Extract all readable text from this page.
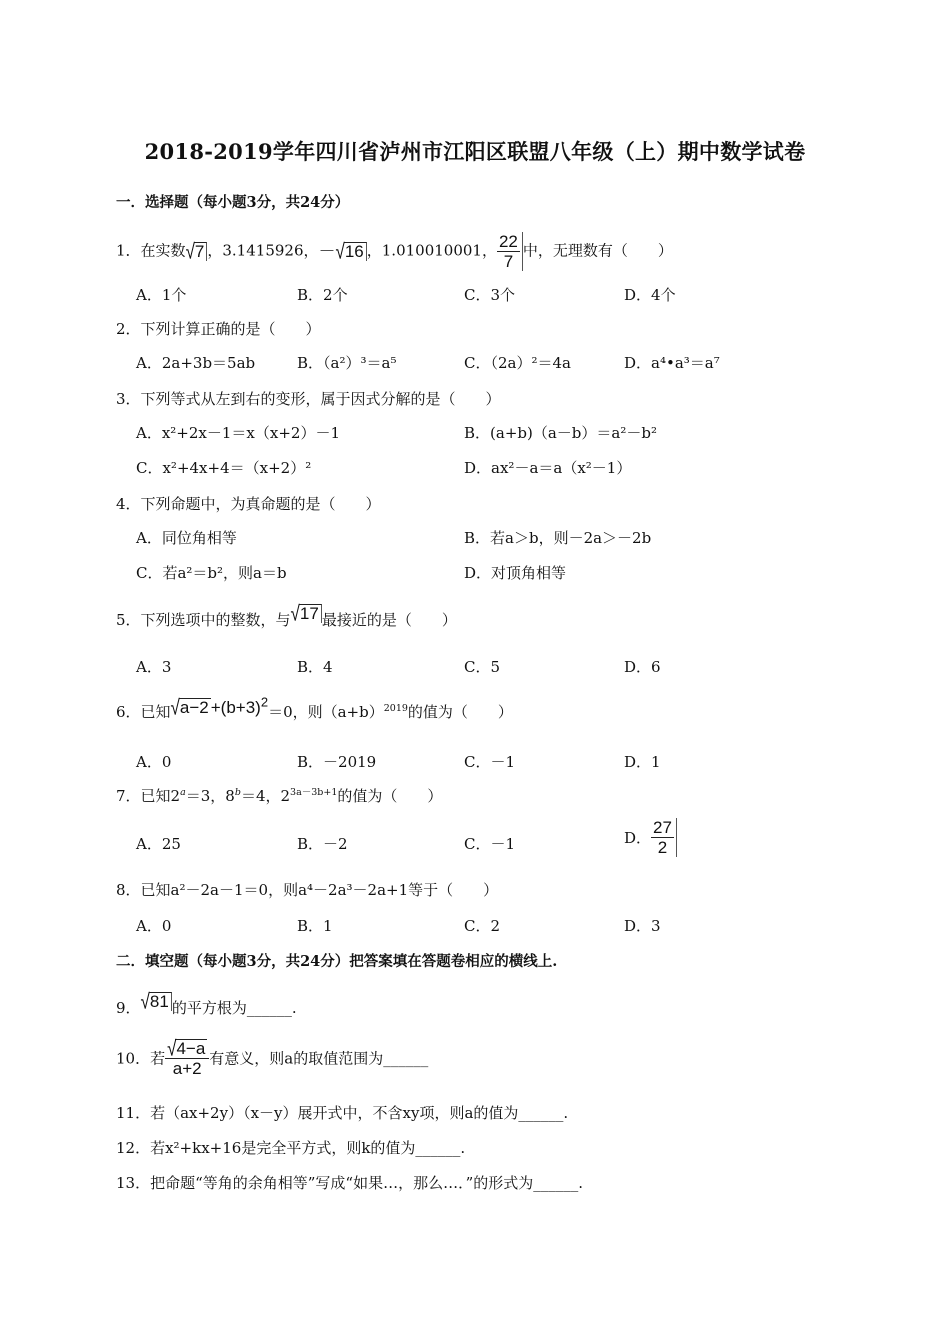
2018-2019学年四川省泸州市江阳区联盟八年级（上）期中数学试卷
一．选择题（每小题3分，共24分）
1．在实数√7 ，3.1415926，－√16 ，1.010010001， $\frac{22}{7}$ 中，无理数有（　　）
A．1个	B．2个	C．3个	D．4个
2．下列计算正确的是（　　）
A．2a+3b＝5ab	B．（a²）³＝a⁵	C．（2a）²＝4a	D．a⁴•a³＝a⁷
3．下列等式从左到右的变形，属于因式分解的是（　　）
A．x²+2x－1＝x（x+2）－1	B．(a+b)（a－b）＝a²－b²
C．x²+4x+4＝（x+2）²	D．ax²－a＝a（x²－1）
4．下列命题中，为真命题的是（　　）
A．同位角相等	B．若a＞b，则－2a＞－2b
C．若a²＝b²，则a＝b	D．对顶角相等
5．下列选项中的整数，与√17 最接近的是（　　）
A．3	B．4	C．5	D．6
6．已知$√a-2 +(b+3)^2=0$，则$(a+b)^{2019}$的值为（　　）
A．0	B．－2019	C．－1	D．1
7．已知$2^a=3$，$8^b=4$，$2^{3a-3b+1}$的值为（　　）
A．25	B．－2	C．－1	D． $\frac{27}{2}$
8．已知a²－2a－1＝0，则a⁴－2a³－2a+1等于（　　）
A．0	B．1	C．2	D．3
二．填空题（每小题3分，共24分）把答案填在答题卷相应的横线上.
9．√81 的平方根为______.
10．若 $\frac{√4-a}{a+2}$ 有意义，则a的取值范围为______
11．若（ax+2y）（x－y）展开式中，不含xy项，则a的值为______.
12．若x²+kx+16是完全平方式，则k的值为______.
13．把命题“等角的余角相等”写成“如果…，那么…．”的形式为______.
